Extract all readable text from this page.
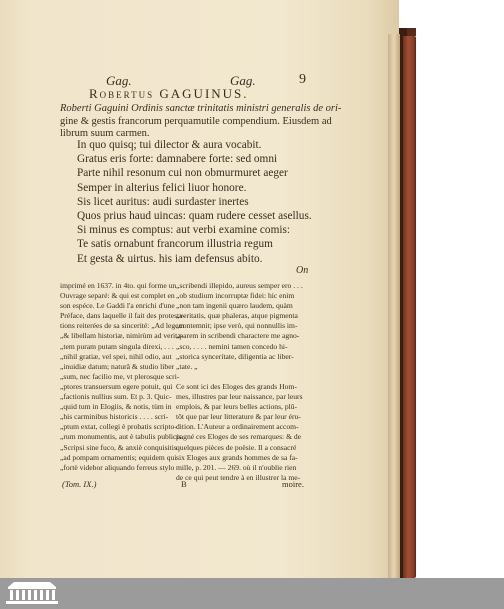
Gag.	Gag.	9
Robertus GAGUINUS.
Roberti Gaguini Ordinis sanctæ trinitatis ministri generalis de ori-
gine & gestis francorum perquamutile compendium. Eiusdem ad
librum suum carmen.
In quo quisq; tui dilector & aura vocabit.
Gratus eris forte: damnabere forte: sed omni
Parte nihil resonum cui non obmurmuret aeger
Semper in alterius felici liuor honore.
Sis licet auritus: audi surdaster inertes
Quos prius haud uincas: quam rudere cesset asellus.
Si minus es comptus: aut verbi examine comis:
Te satis ornabunt francorum illustria regum
Et gesta & uirtus. his iam defensus abito.
On
imprimé en 1637. in 4to. qui forme un
Ouvrage separé: & qui est complet en
son espéce. Le Gaddi l'a enrichi d'une
Préface, dans laquelle il fait des protesta-
tions reiterées de sa sincerité: „Ad legem
„& libellam historiæ, nimirùm ad verita-
„tem puram putam singula direxi, . . .
„nihil gratiæ, vel spei, nihil odio, aut
„inuidiæ datum; naturâ & studio liber
„sum, nec facilio me, vt plerosque scri-
„ptores transuersum egere potuit, qui
„factionis nullius sum. Et p. 3. Quic-
„quid tum in Elogiis, & notis, tùm in
„his carminibus historicis . . . . scri-
„ptum extat, collegi è probatis scripto-
„rum monumentis, aut è tabulis publicis.
„Scripsi sine fuco, & anxiè conquisitis
„ad pompam ornamentis; equidem qui
„fortè videbor aliquando ferreus stylo
„scribendi illepido, aureus semper ero . . .
„ob studium incorruptæ fidei: hic enim
„non tam ingenii quæro laudem, quàm
„veritatis, quæ phaleras, atque pigmenta
„contemnit; ipse verò, qui nonnullis im-
„parem in scribendi charactere me agno-
„sco, . . . . nemini tamen concedo hi-
„storica syncerítate, diligentia ac liber-
„tate. „
Ce sont ici des Eloges des grands Hom-
mes, illustres par leur naissance, par leurs
emplois, & par leurs belles actions, plû-
tôt que par leur litterature & par leur éru-
dition. L'Auteur a ordinairement accom-
pagné ces Eloges de ses remarques: & de
quelques pièces de poësie. Il a consacré
six Eloges aux grands hommes de sa fa-
mille, p. 201. — 269. où il n'oublie rien
de ce qui peut tendre à en illustrer la me-
(Tom. IX.)	B	moire.
